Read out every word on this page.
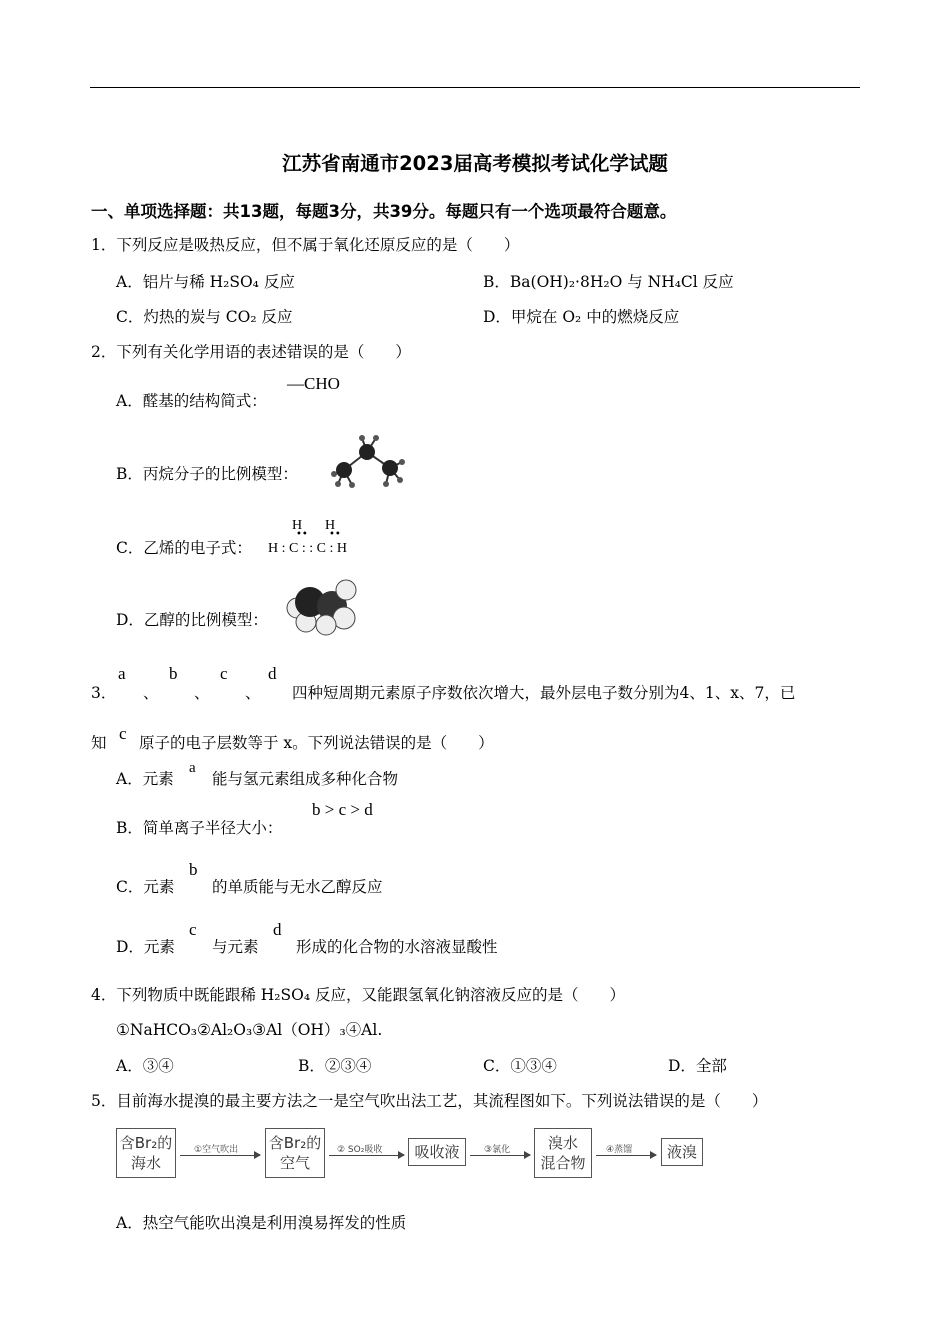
江苏省南通市2023届高考模拟考试化学试题
一、单项选择题：共13题，每题3分，共39分。每题只有一个选项最符合题意。
1．下列反应是吸热反应，但不属于氧化还原反应的是（　　）
A．铝片与稀 H₂SO₄ 反应	B．Ba(OH)₂·8H₂O 与 NH₄Cl 反应
C．灼热的炭与 CO₂ 反应	D．甲烷在 O₂ 中的燃烧反应
2．下列有关化学用语的表述错误的是（　　）
A．醛基的结构简式：
—CHO
B．丙烷分子的比例模型：
C．乙烯的电子式：
H H
•• ••
H : C : : C : H
D．乙醇的比例模型：
3．
a
、
b
、
c
、
d
四种短周期元素原子序数依次增大，最外层电子数分别为4、1、x、7，已
知 c 原子的电子层数等于 x。下列说法错误的是（　　）
A．元素
a
能与氢元素组成多种化合物
B．简单离子半径大小：
b > c > d
C．元素
b
的单质能与无水乙醇反应
D．元素
c
与元素
d
形成的化合物的水溶液显酸性
4．下列物质中既能跟稀 H₂SO₄ 反应，又能跟氢氧化钠溶液反应的是（　　）
①NaHCO₃②Al₂O₃③Al（OH）₃④Al.
A．③④	B．②③④	C．①③④	D．全部
5．目前海水提溴的最主要方法之一是空气吹出法工艺，其流程图如下。下列说法错误的是（　　）
含Br₂的
海水
①空气吹出 含Br₂的
空气
② SO₂吸收	吸收液	③氯化	溴水
混合物
④蒸馏	液溴
A．热空气能吹出溴是利用溴易挥发的性质
